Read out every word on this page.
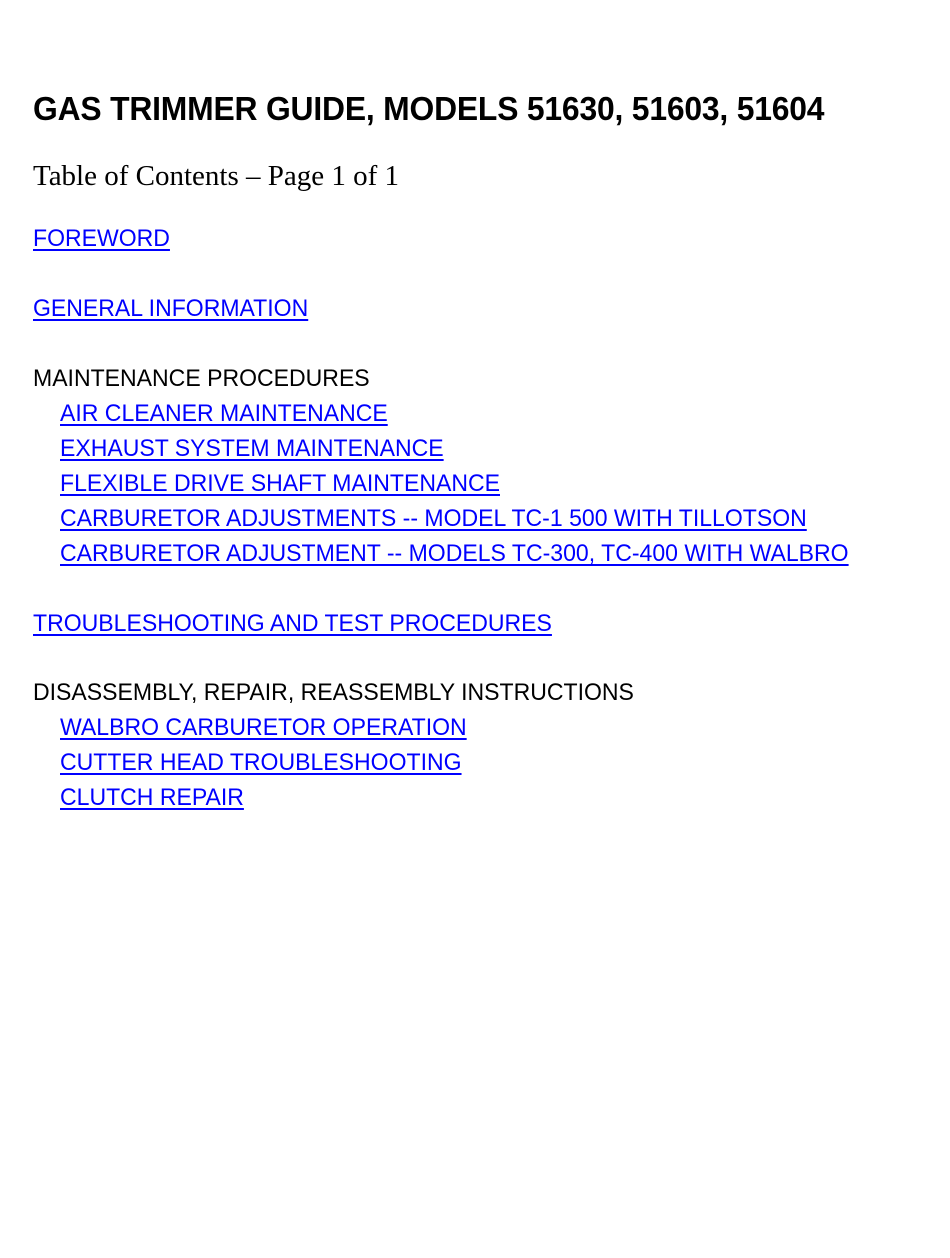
GAS TRIMMER GUIDE, MODELS 51630, 51603, 51604
Table of Contents – Page 1 of 1
FOREWORD
GENERAL INFORMATION
MAINTENANCE PROCEDURES
AIR CLEANER MAINTENANCE
EXHAUST SYSTEM MAINTENANCE
FLEXIBLE DRIVE SHAFT MAINTENANCE
CARBURETOR ADJUSTMENTS -- MODEL TC-1 500 WITH TILLOTSON
CARBURETOR ADJUSTMENT -- MODELS TC-300, TC-400 WITH WALBRO
TROUBLESHOOTING AND TEST PROCEDURES
DISASSEMBLY, REPAIR, REASSEMBLY INSTRUCTIONS
WALBRO CARBURETOR OPERATION
CUTTER HEAD TROUBLESHOOTING
CLUTCH REPAIR
